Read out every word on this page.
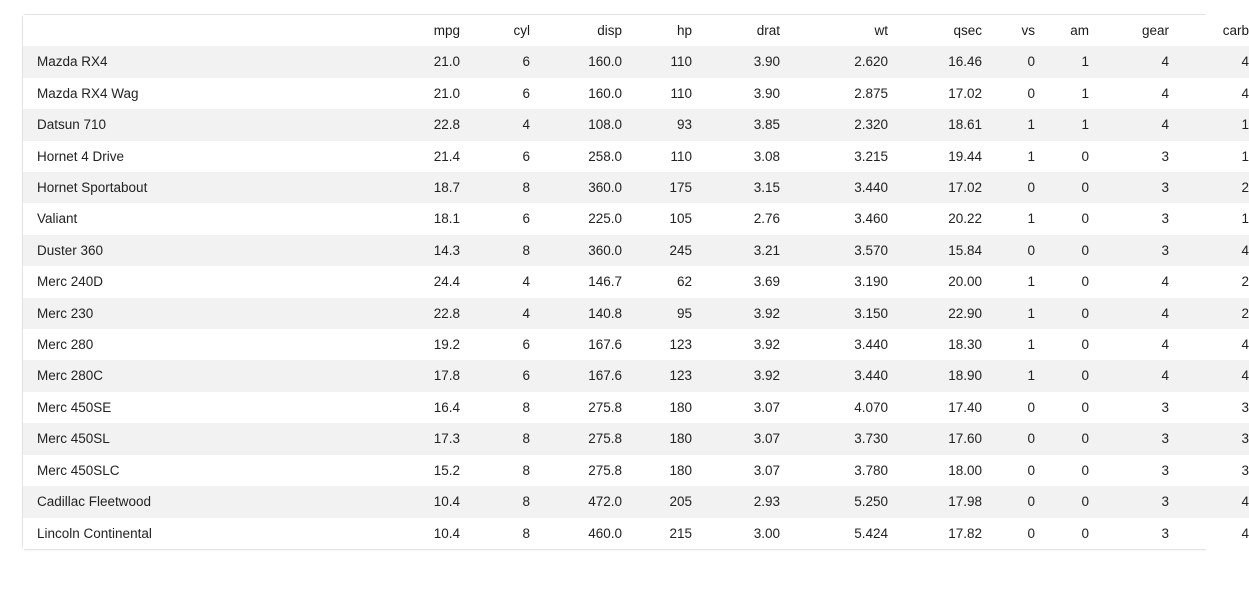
	mpg	cyl	disp	hp	drat	wt	qsec	vs	am	gear	carb
Mazda RX4	21.0	6	160.0	110	3.90	2.620	16.46	0	1	4	4
Mazda RX4 Wag	21.0	6	160.0	110	3.90	2.875	17.02	0	1	4	4
Datsun 710	22.8	4	108.0	93	3.85	2.320	18.61	1	1	4	1
Hornet 4 Drive	21.4	6	258.0	110	3.08	3.215	19.44	1	0	3	1
Hornet Sportabout	18.7	8	360.0	175	3.15	3.440	17.02	0	0	3	2
Valiant	18.1	6	225.0	105	2.76	3.460	20.22	1	0	3	1
Duster 360	14.3	8	360.0	245	3.21	3.570	15.84	0	0	3	4
Merc 240D	24.4	4	146.7	62	3.69	3.190	20.00	1	0	4	2
Merc 230	22.8	4	140.8	95	3.92	3.150	22.90	1	0	4	2
Merc 280	19.2	6	167.6	123	3.92	3.440	18.30	1	0	4	4
Merc 280C	17.8	6	167.6	123	3.92	3.440	18.90	1	0	4	4
Merc 450SE	16.4	8	275.8	180	3.07	4.070	17.40	0	0	3	3
Merc 450SL	17.3	8	275.8	180	3.07	3.730	17.60	0	0	3	3
Merc 450SLC	15.2	8	275.8	180	3.07	3.780	18.00	0	0	3	3
Cadillac Fleetwood	10.4	8	472.0	205	2.93	5.250	17.98	0	0	3	4
Lincoln Continental	10.4	8	460.0	215	3.00	5.424	17.82	0	0	3	4
